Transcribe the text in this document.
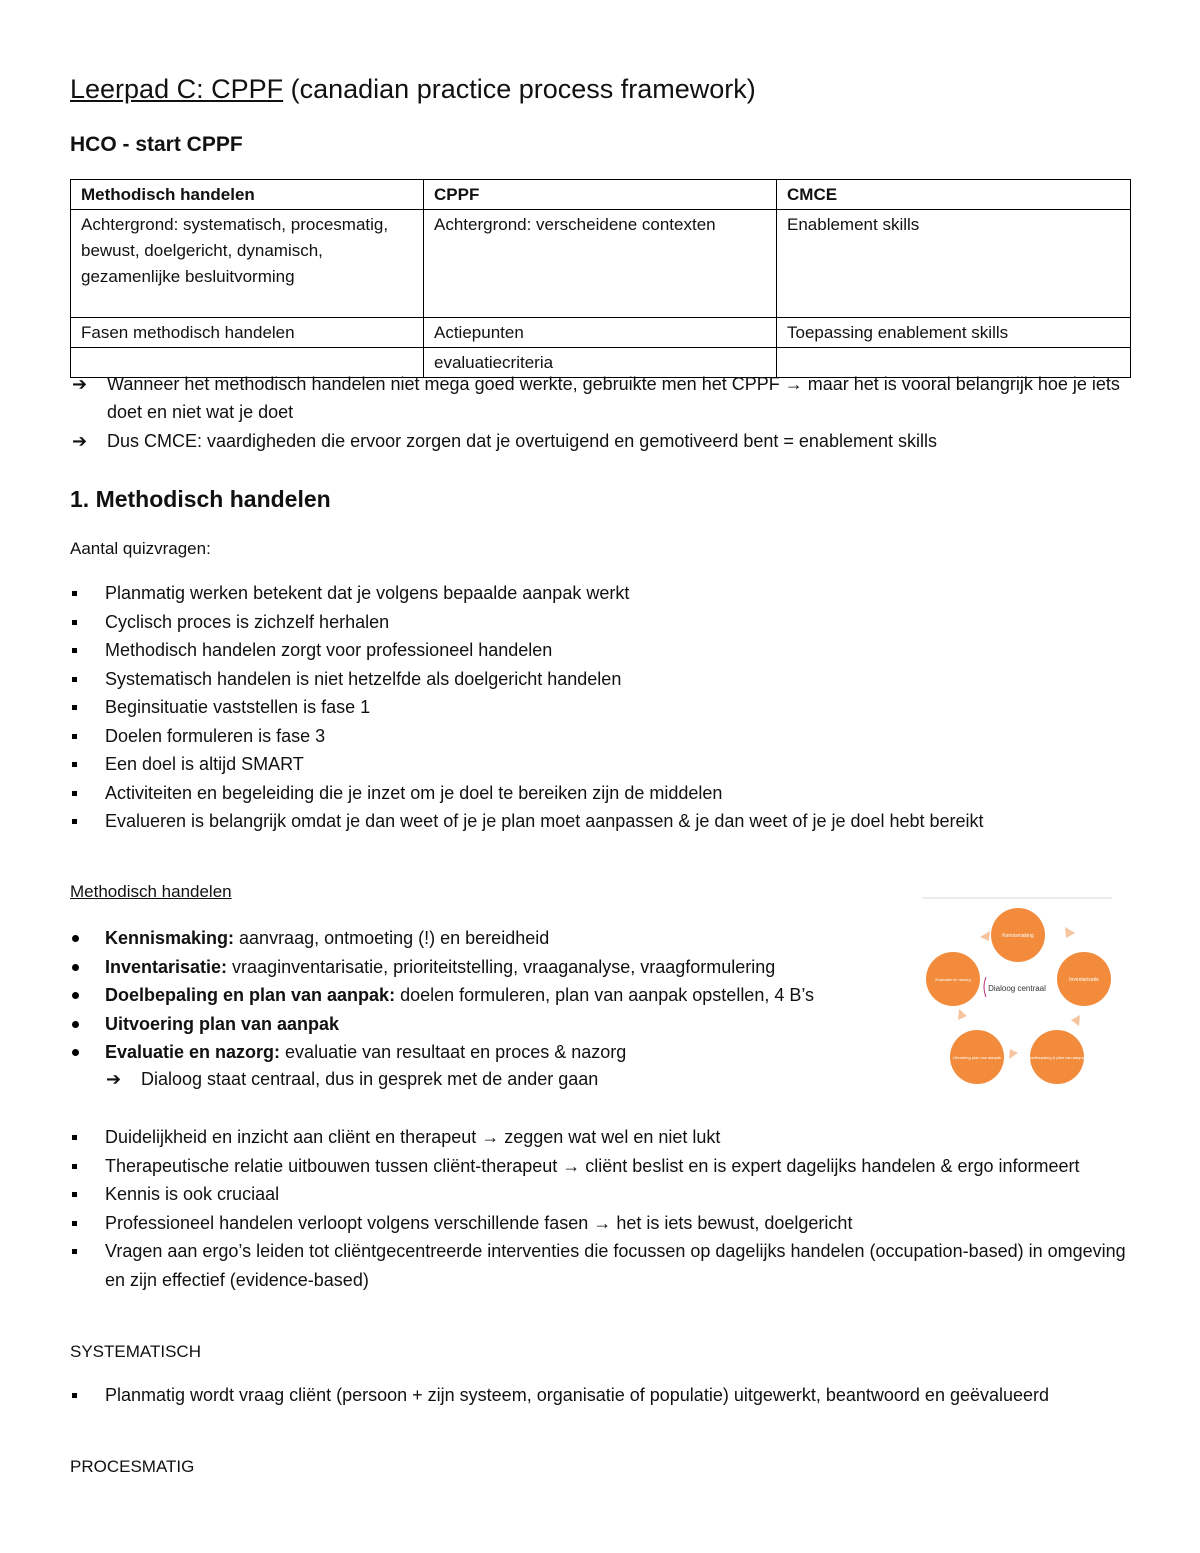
Leerpad C: CPPF (canadian practice process framework)
HCO - start CPPF
Methodisch handelen	CPPF	CMCE
Achtergrond: systematisch, procesmatig, bewust, doelgericht, dynamisch, gezamenlijke besluitvorming	Achtergrond: verscheidene contexten	Enablement skills
Fasen methodisch handelen	Actiepunten	Toepassing enablement skills
	evaluatiecriteria	
➔ Wanneer het methodisch handelen niet mega goed werkte, gebruikte men het CPPF → maar het is vooral belangrijk hoe je iets doet en niet wat je doet
➔ Dus CMCE: vaardigheden die ervoor zorgen dat je overtuigend en gemotiveerd bent = enablement skills
1. Methodisch handelen
Aantal quizvragen:
Planmatig werken betekent dat je volgens bepaalde aanpak werkt
Cyclisch proces is zichzelf herhalen
Methodisch handelen zorgt voor professioneel handelen
Systematisch handelen is niet hetzelfde als doelgericht handelen
Beginsituatie vaststellen is fase 1
Doelen formuleren is fase 3
Een doel is altijd SMART
Activiteiten en begeleiding die je inzet om je doel te bereiken zijn de middelen
Evalueren is belangrijk omdat je dan weet of je je plan moet aanpassen & je dan weet of je je doel hebt bereikt
Methodisch handelen
Kennismaking: aanvraag, ontmoeting (!) en bereidheid
Inventarisatie: vraaginventarisatie, prioriteitstelling, vraaganalyse, vraagformulering
Doelbepaling en plan van aanpak: doelen formuleren, plan van aanpak opstellen, 4 B’s
Uitvoering plan van aanpak
Evaluatie en nazorg: evaluatie van resultaat en proces & nazorg
➔ Dialoog staat centraal, dus in gesprek met de ander gaan
Kennismaking
Inventarisatie
Doelbepaling & plan van aanpak
Uitvoering plan van aanpak
Evaluatie en nazorg
Dialoog centraal
Duidelijkheid en inzicht aan cliënt en therapeut → zeggen wat wel en niet lukt
Therapeutische relatie uitbouwen tussen cliënt-therapeut → cliënt beslist en is expert dagelijks handelen & ergo informeert
Kennis is ook cruciaal
Professioneel handelen verloopt volgens verschillende fasen → het is iets bewust, doelgericht
Vragen aan ergo’s leiden tot cliëntgecentreerde interventies die focussen op dagelijks handelen (occupation-based) in omgeving en zijn effectief (evidence-based)
SYSTEMATISCH
Planmatig wordt vraag cliënt (persoon + zijn systeem, organisatie of populatie) uitgewerkt, beantwoord en geëvalueerd
PROCESMATIG
